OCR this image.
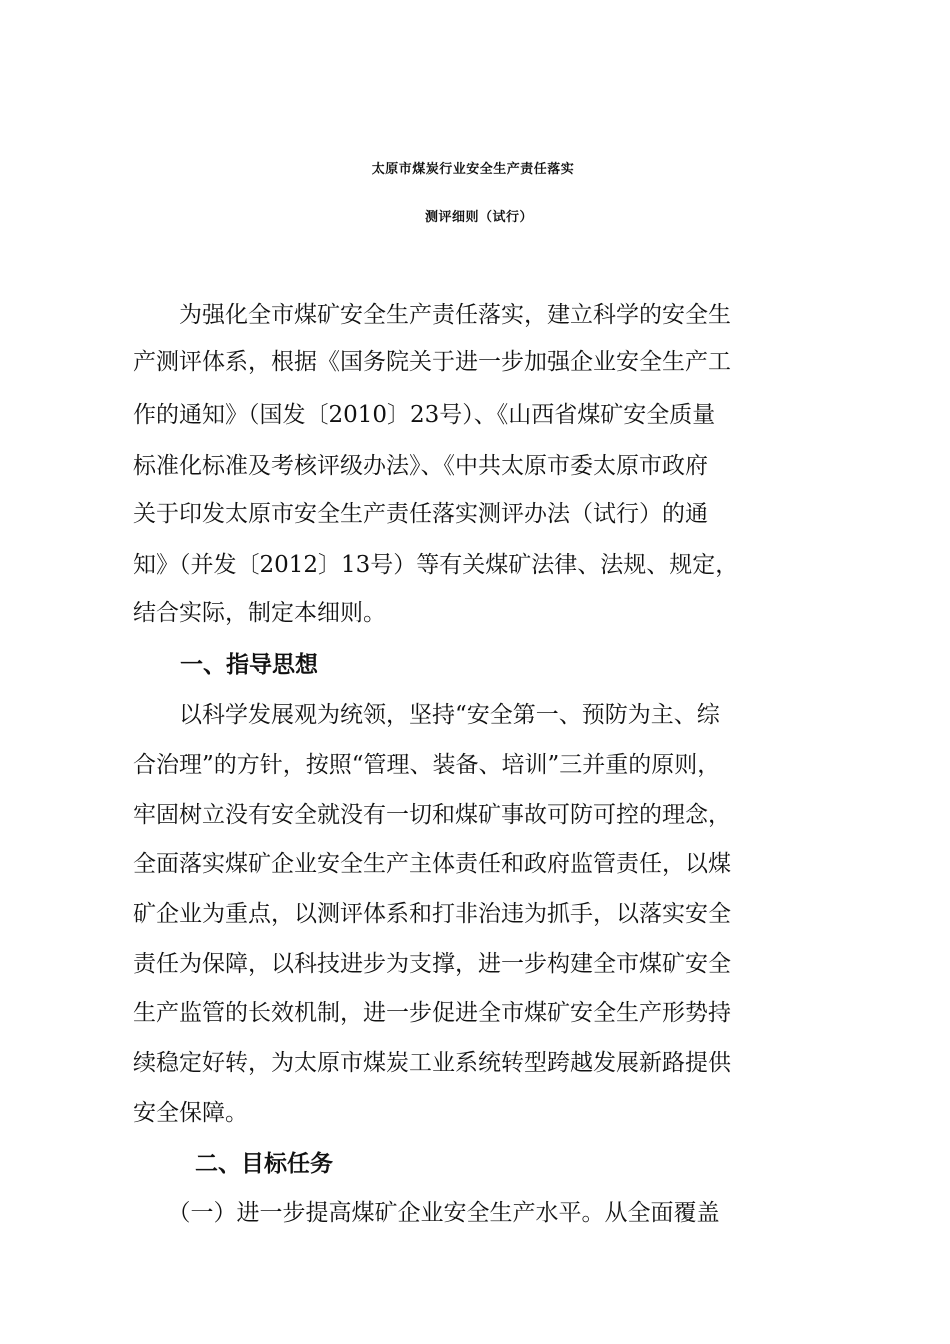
太原市煤炭行业安全生产责任落实
测评细则（试行）
　　为强化全市煤矿安全生产责任落实，建立科学的安全生
产测评体系，根据《国务院关于进一步加强企业安全生产工
作的通知》（国发〔2010〕23号）、《山西省煤矿安全质量
标准化标准及考核评级办法》、《中共太原市委太原市政府
关于印发太原市安全生产责任落实测评办法（试行）的通
知》（并发〔2012〕13号）等有关煤矿法律、法规、规定，
结合实际，制定本细则。
一、指导思想
　　以科学发展观为统领，坚持“安全第一、预防为主、综
合治理”的方针，按照“管理、装备、培训”三并重的原则，
牢固树立没有安全就没有一切和煤矿事故可防可控的理念，
全面落实煤矿企业安全生产主体责任和政府监管责任，以煤
矿企业为重点，以测评体系和打非治违为抓手，以落实安全
责任为保障，以科技进步为支撑，进一步构建全市煤矿安全
生产监管的长效机制，进一步促进全市煤矿安全生产形势持
续稳定好转，为太原市煤炭工业系统转型跨越发展新路提供
安全保障。
二、目标任务
　　（一）进一步提高煤矿企业安全生产水平。从全面覆盖
